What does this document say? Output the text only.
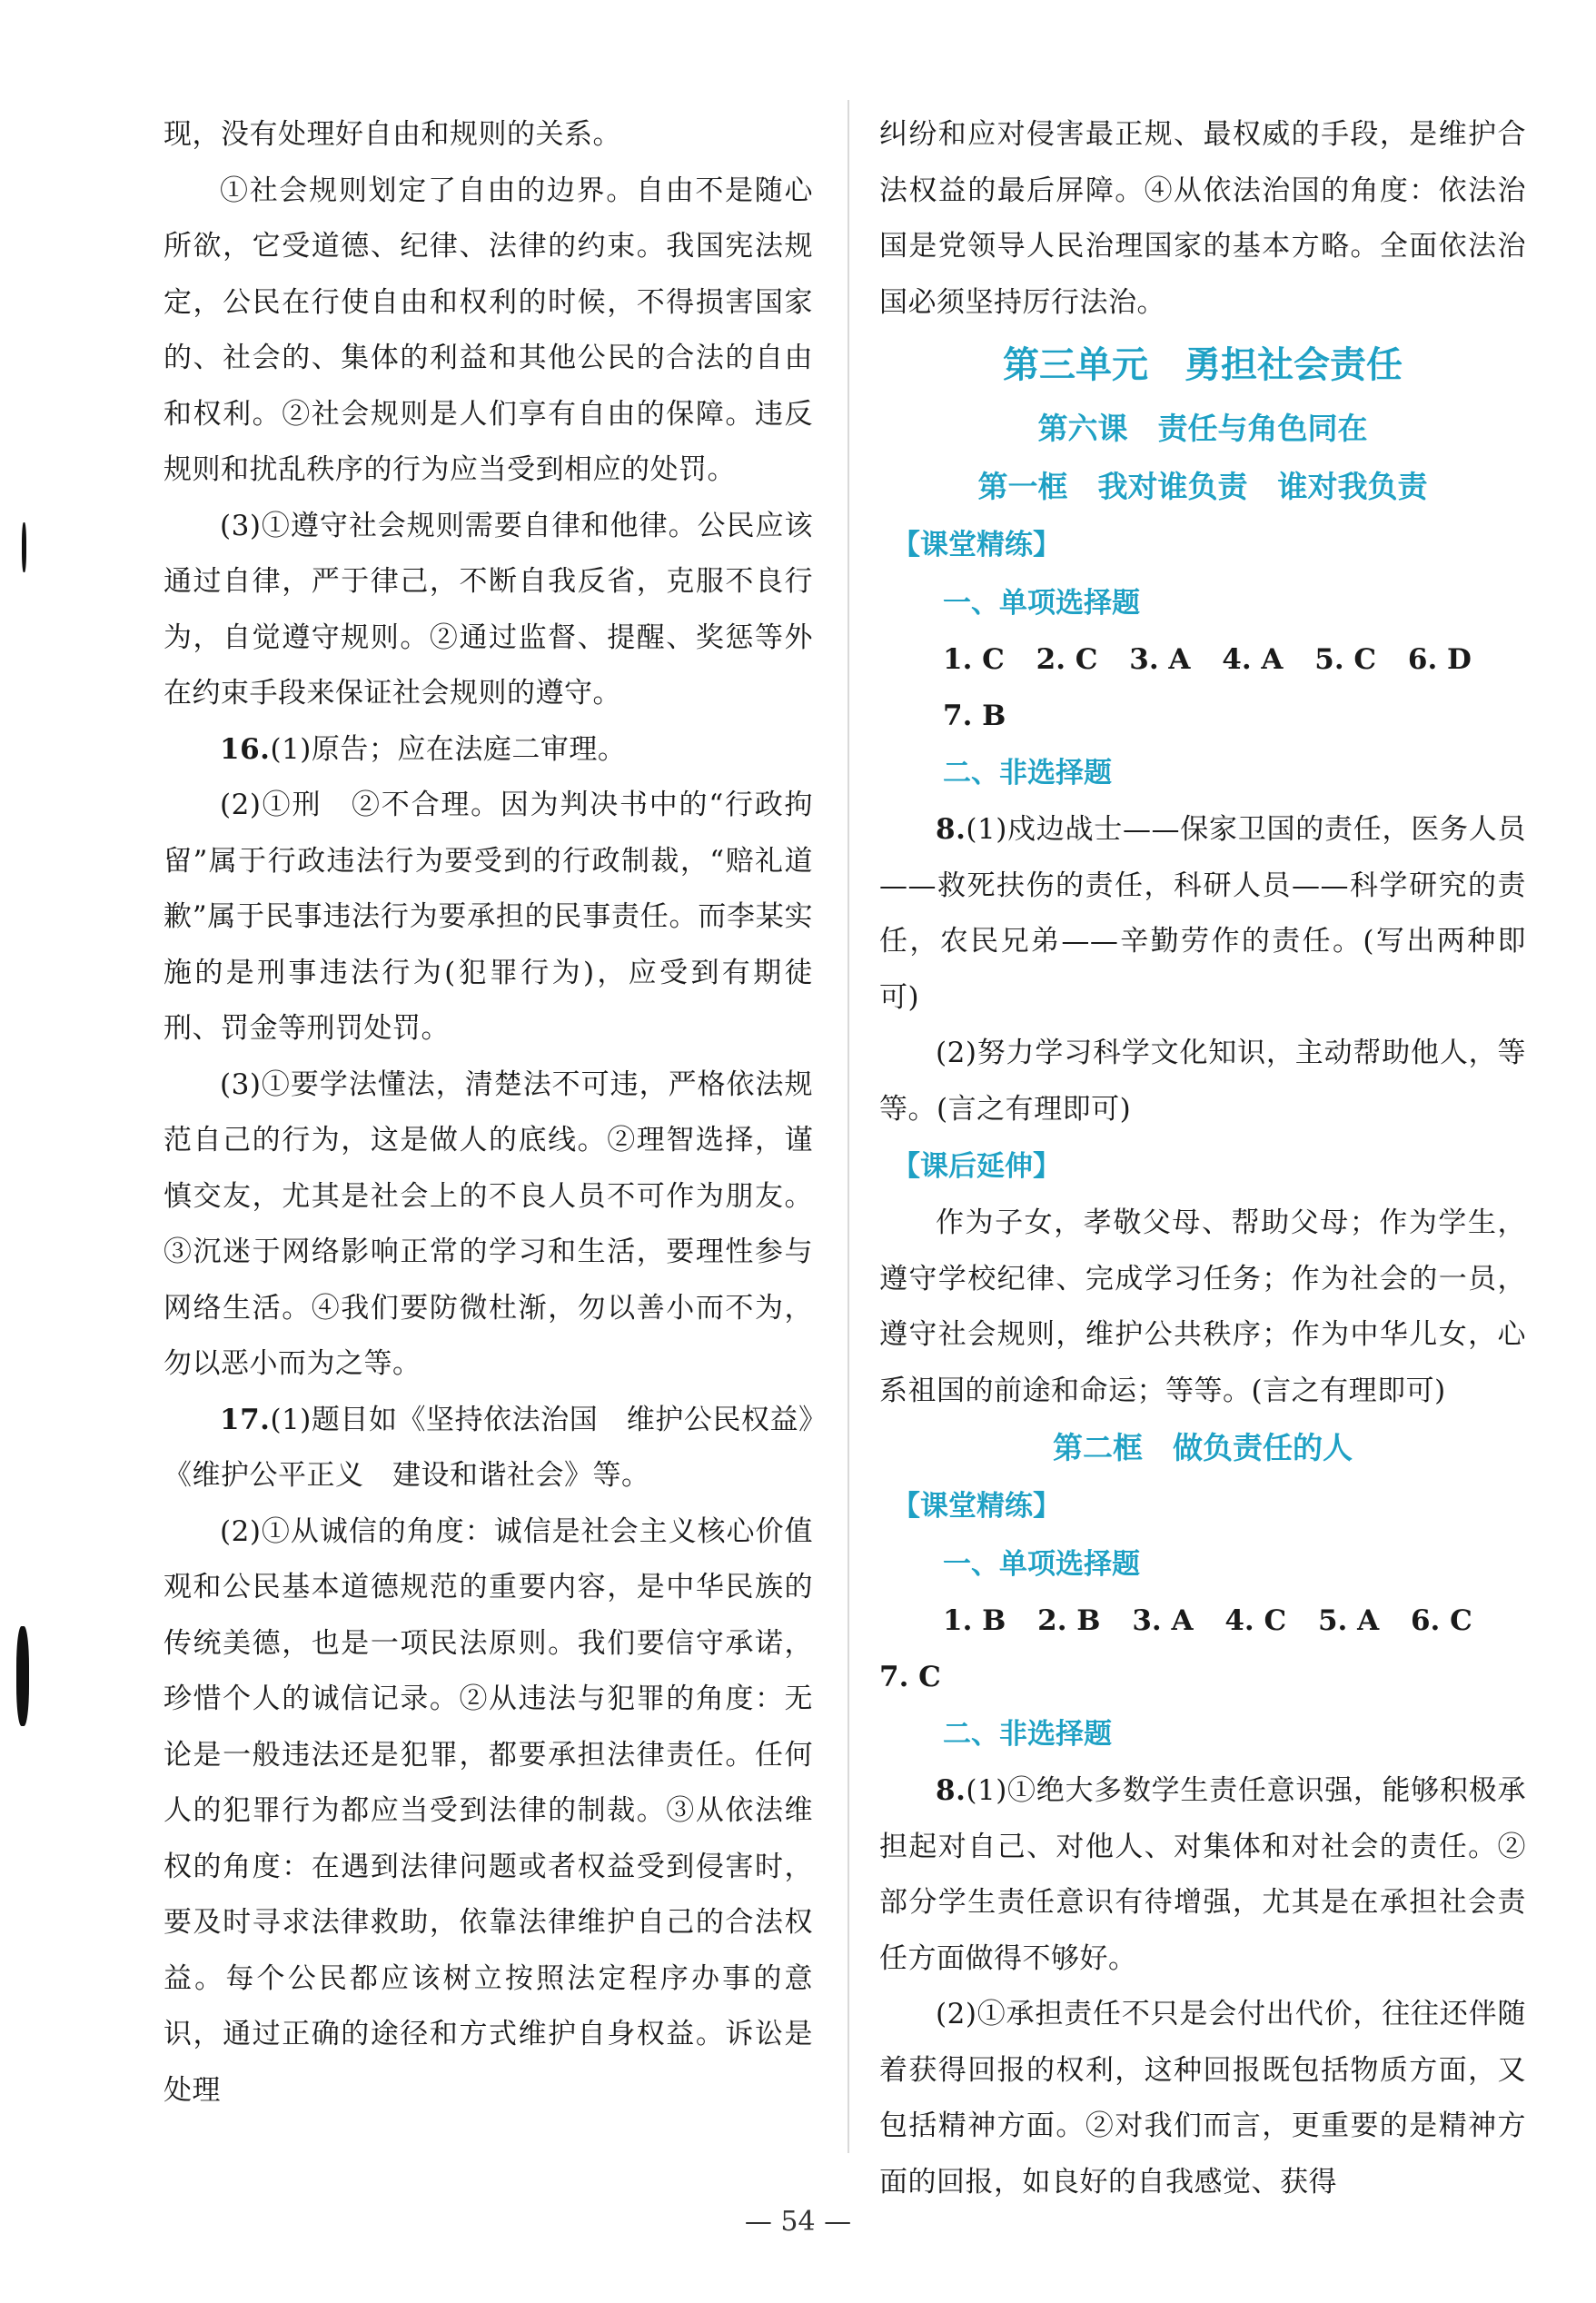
现，没有处理好自由和规则的关系。

①社会规则划定了自由的边界。自由不是随心所欲，它受道德、纪律、法律的约束。我国宪法规定，公民在行使自由和权利的时候，不得损害国家的、社会的、集体的利益和其他公民的合法的自由和权利。②社会规则是人们享有自由的保障。违反规则和扰乱秩序的行为应当受到相应的处罚。

(3)①遵守社会规则需要自律和他律。公民应该通过自律，严于律己，不断自我反省，克服不良行为，自觉遵守规则。②通过监督、提醒、奖惩等外在约束手段来保证社会规则的遵守。

16.(1)原告；应在法庭二审理。

(2)①刑　②不合理。因为判决书中的“行政拘留”属于行政违法行为要受到的行政制裁，“赔礼道歉”属于民事违法行为要承担的民事责任。而李某实施的是刑事违法行为(犯罪行为)，应受到有期徒刑、罚金等刑罚处罚。

(3)①要学法懂法，清楚法不可违，严格依法规范自己的行为，这是做人的底线。②理智选择，谨慎交友，尤其是社会上的不良人员不可作为朋友。③沉迷于网络影响正常的学习和生活，要理性参与网络生活。④我们要防微杜渐，勿以善小而不为，勿以恶小而为之等。

17.(1)题目如《坚持依法治国　维护公民权益》《维护公平正义　建设和谐社会》等。

(2)①从诚信的角度：诚信是社会主义核心价值观和公民基本道德规范的重要内容，是中华民族的传统美德，也是一项民法原则。我们要信守承诺，珍惜个人的诚信记录。②从违法与犯罪的角度：无论是一般违法还是犯罪，都要承担法律责任。任何人的犯罪行为都应当受到法律的制裁。③从依法维权的角度：在遇到法律问题或者权益受到侵害时，要及时寻求法律救助，依靠法律维护自己的合法权益。每个公民都应该树立按照法定程序办事的意识，通过正确的途径和方式维护自身权益。诉讼是处理

纠纷和应对侵害最正规、最权威的手段，是维护合法权益的最后屏障。④从依法治国的角度：依法治国是党领导人民治理国家的基本方略。全面依法治国必须坚持厉行法治。

第三单元　勇担社会责任

第六课　责任与角色同在

第一框　我对谁负责　谁对我负责

【课堂精练】

一、单项选择题

1. C 2. C 3. A 4. A 5. C 6. D 7. B

二、非选择题

8.(1)戍边战士——保家卫国的责任，医务人员——救死扶伤的责任，科研人员——科学研究的责任，农民兄弟——辛勤劳作的责任。(写出两种即可)

(2)努力学习科学文化知识，主动帮助他人，等等。(言之有理即可)

【课后延伸】

作为子女，孝敬父母、帮助父母；作为学生，遵守学校纪律、完成学习任务；作为社会的一员，遵守社会规则，维护公共秩序；作为中华儿女，心系祖国的前途和命运；等等。(言之有理即可)

第二框　做负责任的人

【课堂精练】

一、单项选择题

1. B 2. B 3. A 4. C 5. A 6. C

7. C

二、非选择题

8.(1)①绝大多数学生责任意识强，能够积极承担起对自己、对他人、对集体和对社会的责任。②部分学生责任意识有待增强，尤其是在承担社会责任方面做得不够好。

(2)①承担责任不只是会付出代价，往往还伴随着获得回报的权利，这种回报既包括物质方面，又包括精神方面。②对我们而言，更重要的是精神方面的回报，如良好的自我感觉、获得

— 54 —
